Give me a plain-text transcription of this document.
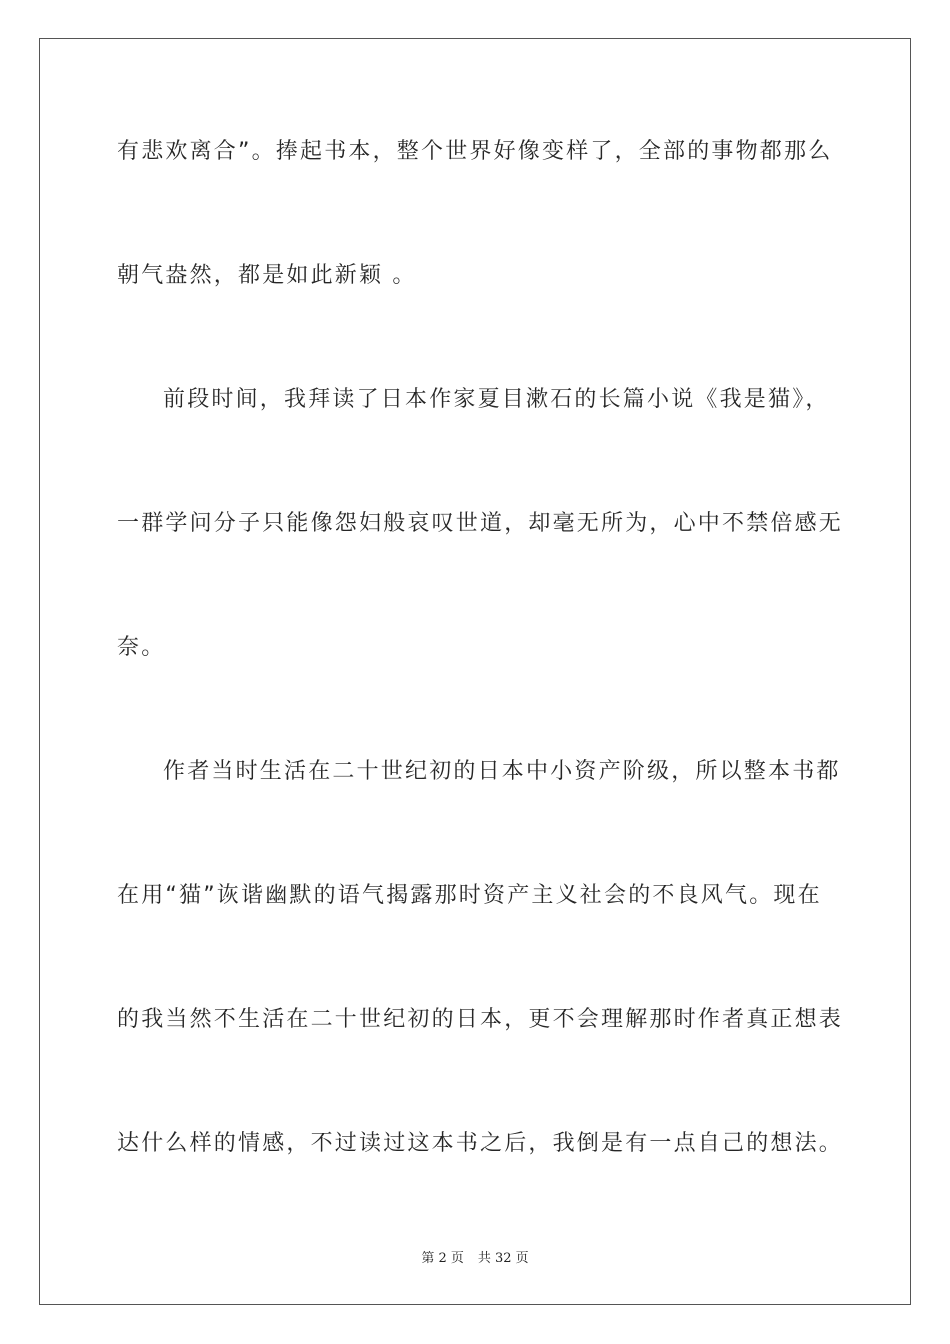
有悲欢离合”。捧起书本，整个世界好像变样了，全部的事物都那么
朝气盎然，都是如此新颖 。
前段时间，我拜读了日本作家夏目漱石的长篇小说《我是猫》，
一群学问分子只能像怨妇般哀叹世道，却毫无所为，心中不禁倍感无
奈。
作者当时生活在二十世纪初的日本中小资产阶级，所以整本书都
在用“猫”诙谐幽默的语气揭露那时资产主义社会的不良风气。现在
的我当然不生活在二十世纪初的日本，更不会理解那时作者真正想表
达什么样的情感，不过读过这本书之后，我倒是有一点自己的想法。
第 2 页 共 32 页
